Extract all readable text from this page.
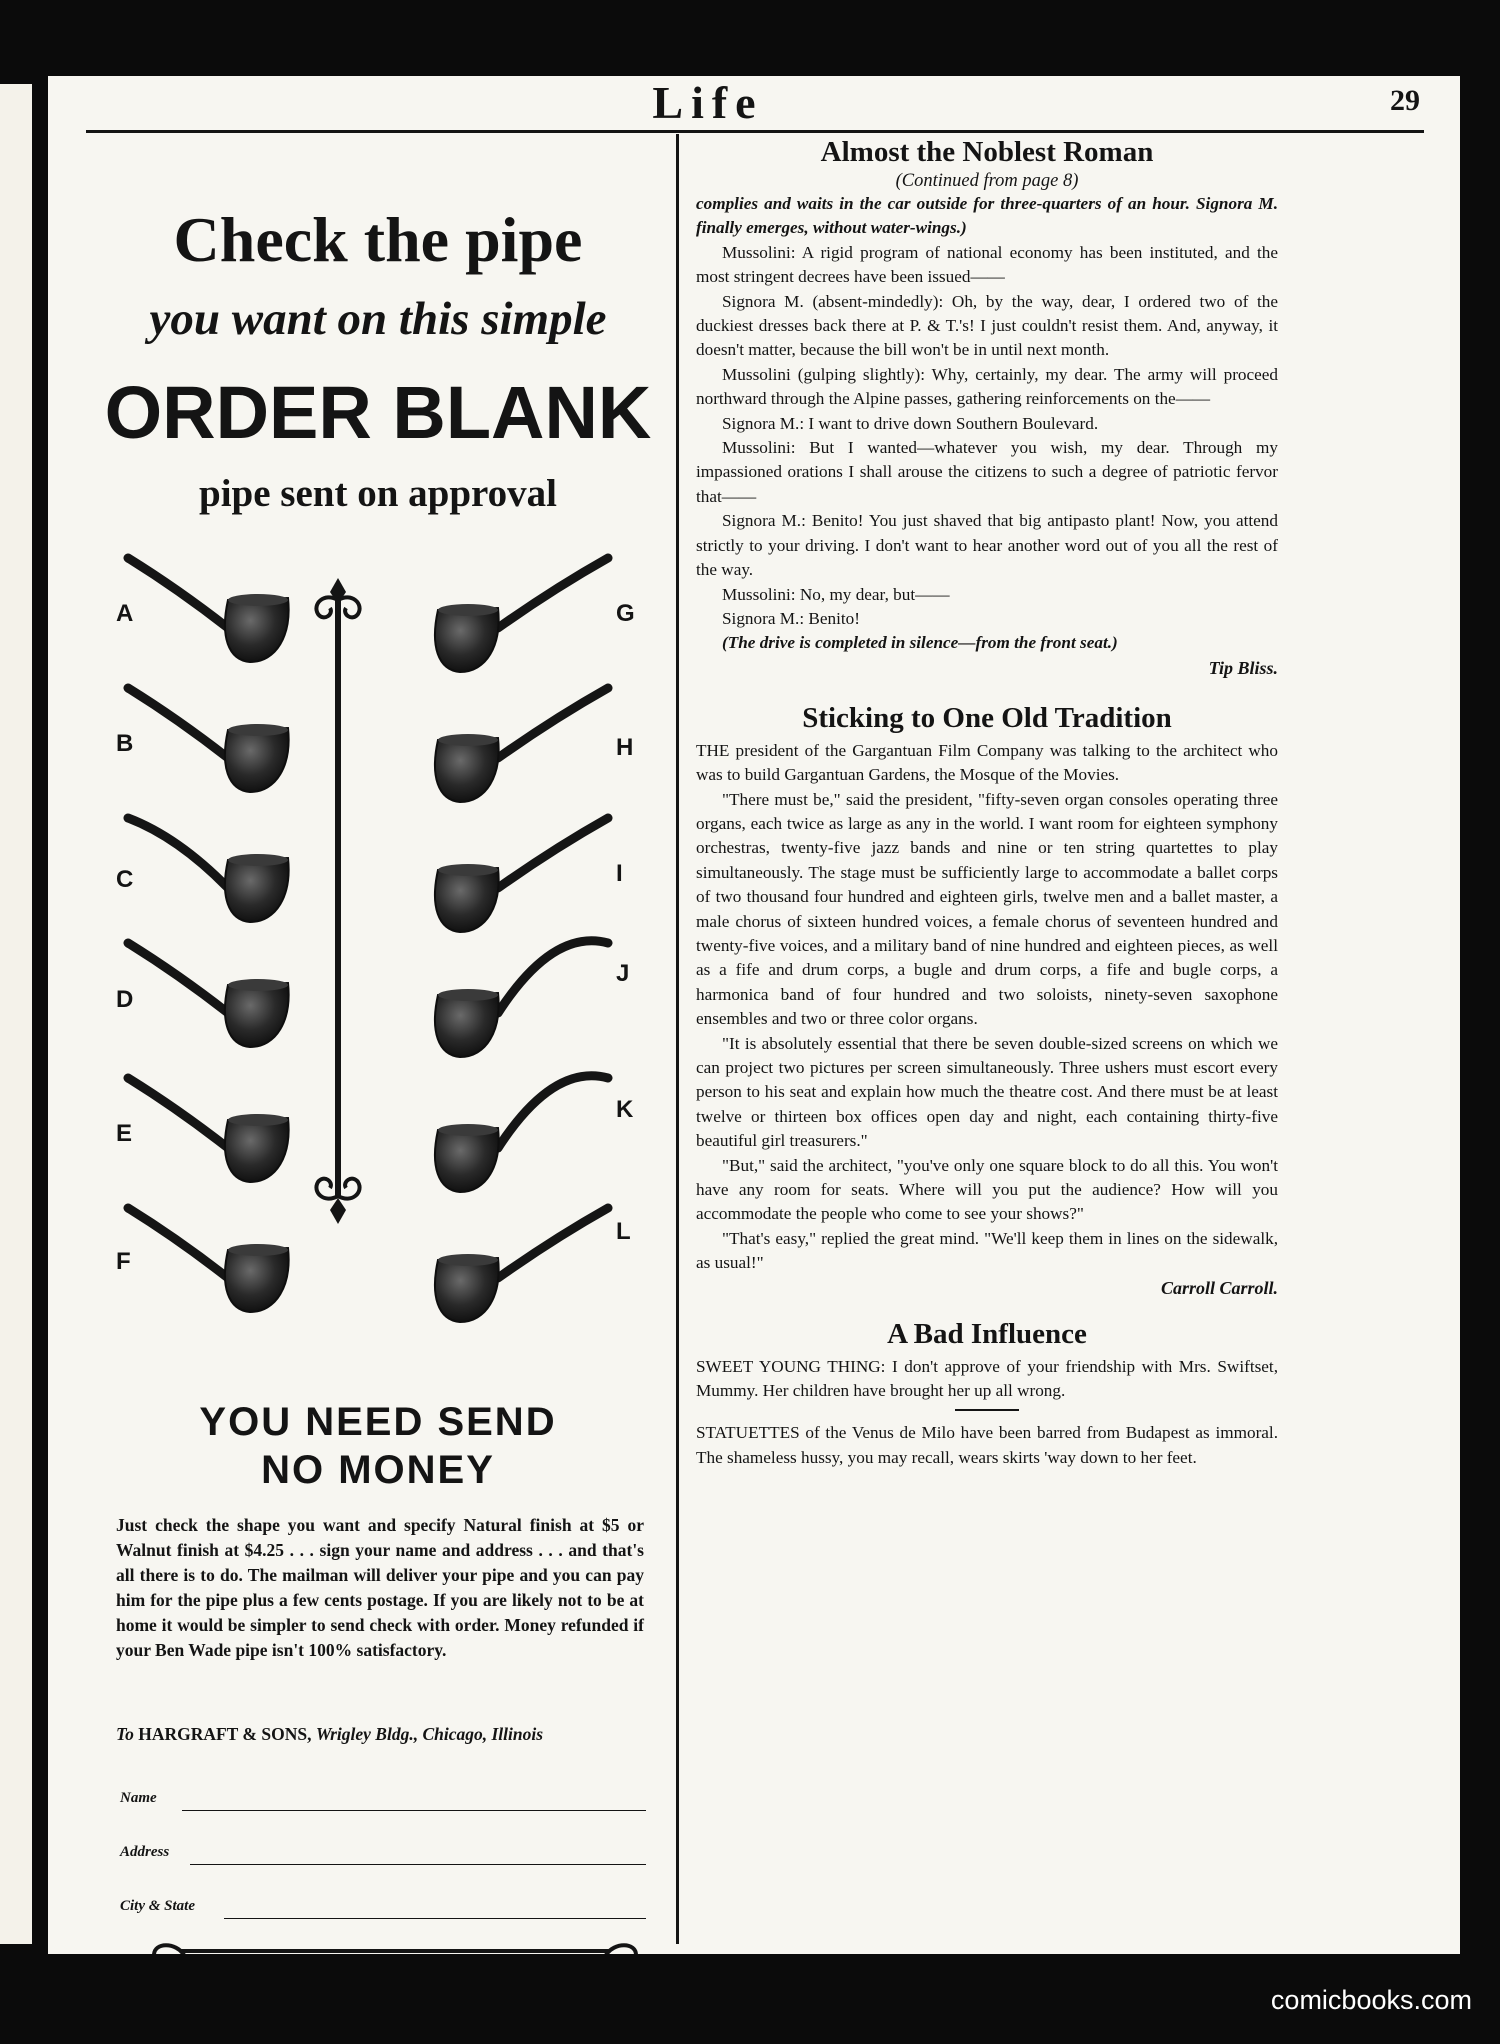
Life	29
Check the pipe
you want on this simple
ORDER BLANK
pipe sent on approval
A
B
C
D
E
F
G
H
I
J
K
L
YOU NEED SEND
NO MONEY
Just check the shape you want and specify Natural finish at $5 or Walnut finish at $4.25 . . . sign your name and address . . . and that's all there is to do. The mailman will deliver your pipe and you can pay him for the pipe plus a few cents postage. If you are likely not to be at home it would be simpler to send check with order. Money refunded if your Ben Wade pipe isn't 100% satisfactory.
To HARGRAFT & SONS, Wrigley Bldg., Chicago, Illinois
Name
Address
City & State
Almost the Noblest Roman
(Continued from page 8)

complies and waits in the car outside for three-quarters of an hour. Signora M. finally emerges, without water-wings.)

Mussolini: A rigid program of national economy has been instituted, and the most stringent decrees have been issued——

Signora M. (absent-mindedly): Oh, by the way, dear, I ordered two of the duckiest dresses back there at P. & T.'s! I just couldn't resist them. And, anyway, it doesn't matter, because the bill won't be in until next month.

Mussolini (gulping slightly): Why, certainly, my dear. The army will proceed northward through the Alpine passes, gathering reinforcements on the——

Signora M.: I want to drive down Southern Boulevard.

Mussolini: But I wanted—whatever you wish, my dear. Through my impassioned orations I shall arouse the citizens to such a degree of patriotic fervor that——

Signora M.: Benito! You just shaved that big antipasto plant! Now, you attend strictly to your driving. I don't want to hear another word out of you all the rest of the way.

Mussolini: No, my dear, but——

Signora M.: Benito!

(The drive is completed in silence—from the front seat.)

Tip Bliss.
Sticking to One Old Tradition

THE president of the Gargantuan Film Company was talking to the architect who was to build Gargantuan Gardens, the Mosque of the Movies.

"There must be," said the president, "fifty-seven organ consoles operating three organs, each twice as large as any in the world. I want room for eighteen symphony orchestras, twenty-five jazz bands and nine or ten string quartettes to play simultaneously. The stage must be sufficiently large to accommodate a ballet corps of two thousand four hundred and eighteen girls, twelve men and a ballet master, a male chorus of sixteen hundred voices, a female chorus of seventeen hundred and twenty-five voices, and a military band of nine hundred and eighteen pieces, as well as a fife and drum corps, a bugle and drum corps, a fife and bugle corps, a harmonica band of four hundred and two soloists, ninety-seven saxophone ensembles and two or three color organs.

"It is absolutely essential that there be seven double-sized screens on which we can project two pictures per screen simultaneously. Three ushers must escort every person to his seat and explain how much the theatre cost. And there must be at least twelve or thirteen box offices open day and night, each containing thirty-five beautiful girl treasurers."

"But," said the architect, "you've only one square block to do all this. You won't have any room for seats. Where will you put the audience? How will you accommodate the people who come to see your shows?"

"That's easy," replied the great mind. "We'll keep them in lines on the sidewalk, as usual!"

Carroll Carroll.
A Bad Influence

SWEET YOUNG THING: I don't approve of your friendship with Mrs. Swiftset, Mummy. Her children have brought her up all wrong.

STATUETTES of the Venus de Milo have been barred from Budapest as immoral. The shameless hussy, you may recall, wears skirts 'way down to her feet.

comicbooks.com
